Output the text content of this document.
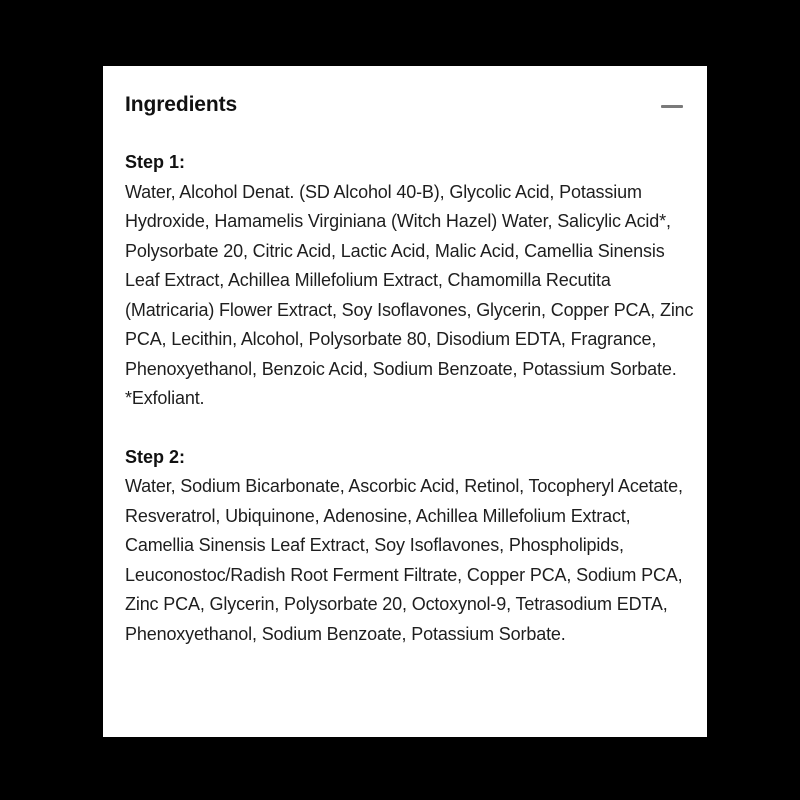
Ingredients

Step 1:

Water, Alcohol Denat. (SD Alcohol 40-B), Glycolic Acid, Potassium Hydroxide, Hamamelis Virginiana (Witch Hazel) Water, Salicylic Acid*, Polysorbate 20, Citric Acid, Lactic Acid, Malic Acid, Camellia Sinensis Leaf Extract, Achillea Millefolium Extract, Chamomilla Recutita (Matricaria) Flower Extract, Soy Isoflavones, Glycerin, Copper PCA, Zinc PCA, Lecithin, Alcohol, Polysorbate 80, Disodium EDTA, Fragrance, Phenoxyethanol, Benzoic Acid, Sodium Benzoate, Potassium Sorbate. *Exfoliant.

Step 2:

Water, Sodium Bicarbonate, Ascorbic Acid, Retinol, Tocopheryl Acetate, Resveratrol, Ubiquinone, Adenosine, Achillea Millefolium Extract, Camellia Sinensis Leaf Extract, Soy Isoflavones, Phospholipids, Leuconostoc/Radish Root Ferment Filtrate, Copper PCA, Sodium PCA, Zinc PCA, Glycerin, Polysorbate 20, Octoxynol-9, Tetrasodium EDTA, Phenoxyethanol, Sodium Benzoate, Potassium Sorbate.
